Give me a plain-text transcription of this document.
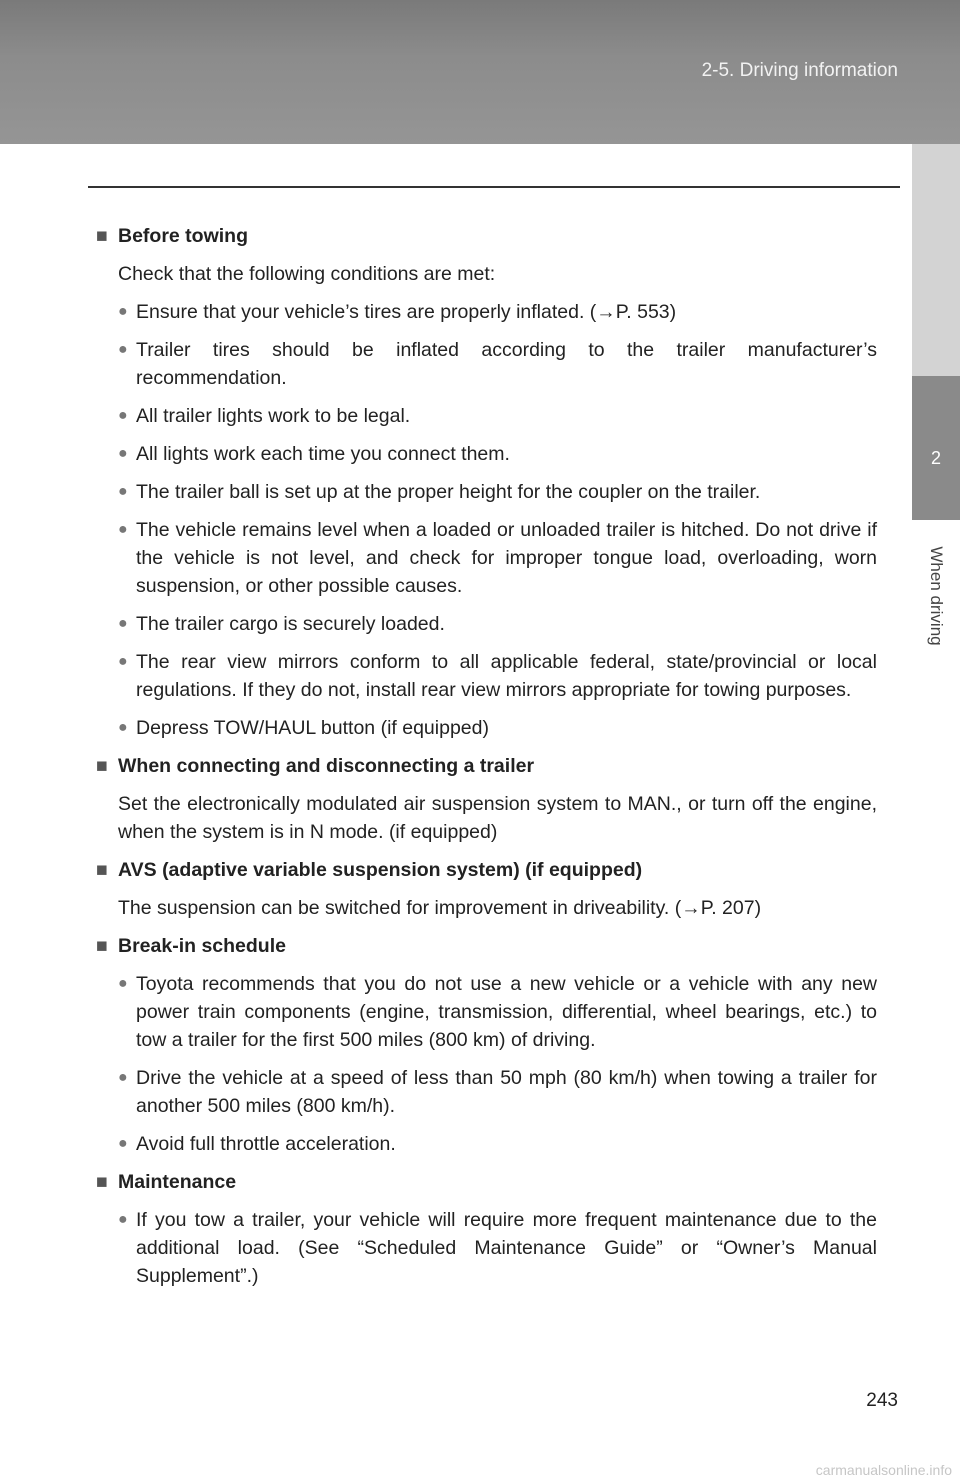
2-5. Driving information
2
When driving
■ Before towing
Check that the following conditions are met:
● Ensure that your vehicle’s tires are properly inflated. (→P. 553)
● Trailer tires should be inflated according to the trailer manufacturer’s recommendation.
● All trailer lights work to be legal.
● All lights work each time you connect them.
● The trailer ball is set up at the proper height for the coupler on the trailer.
● The vehicle remains level when a loaded or unloaded trailer is hitched. Do not drive if the vehicle is not level, and check for improper tongue load, overloading, worn suspension, or other possible causes.
● The trailer cargo is securely loaded.
● The rear view mirrors conform to all applicable federal, state/provincial or local regulations. If they do not, install rear view mirrors appropriate for towing purposes.
● Depress TOW/HAUL button (if equipped)
■ When connecting and disconnecting a trailer
Set the electronically modulated air suspension system to MAN., or turn off the engine, when the system is in N mode. (if equipped)
■ AVS (adaptive variable suspension system) (if equipped)
The suspension can be switched for improvement in driveability. (→P. 207)
■ Break-in schedule
● Toyota recommends that you do not use a new vehicle or a vehicle with any new power train components (engine, transmission, differential, wheel bearings, etc.) to tow a trailer for the first 500 miles (800 km) of driving.
● Drive the vehicle at a speed of less than 50 mph (80 km/h) when towing a trailer for another 500 miles (800 km/h).
● Avoid full throttle acceleration.
■ Maintenance
● If you tow a trailer, your vehicle will require more frequent maintenance due to the additional load. (See “Scheduled Maintenance Guide” or “Owner’s Manual Supplement”.)
243
carmanualsonline.info
